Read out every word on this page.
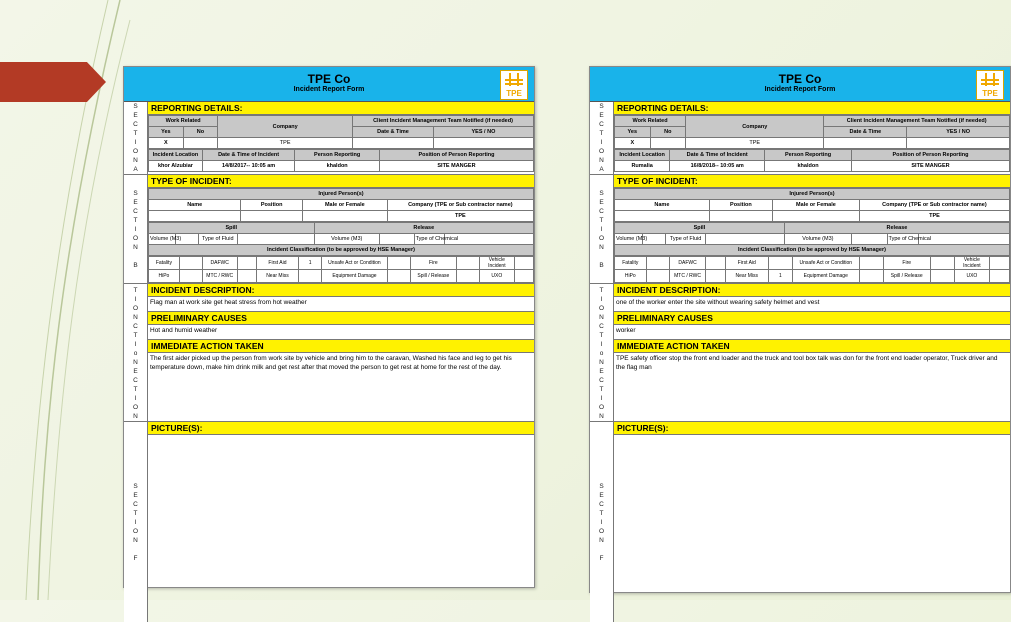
TPE Co
Incident Report Form	TPE
S
E
C
T
I
O
N
A
REPORTING DETAILS:
Work Related		Company	Client Incident Management Team Notified (if needed)	
Yes	No		Date & Time	YES / NO
X		TPE		
Incident Location	Date & Time of Incident	Person Reporting	Position of Person Reporting
khor Alzubiar	14/8/2017-- 10:05 am	khaldon	SITE MANGER
S
E
C
T
I
O
N
B
TYPE OF INCIDENT:
Injured Person(s)			
Name	Position	Male or Female	Company (TPE or Sub contractor name)
			TPE
Spill				Release			
Volume (M3)		Type of Fluid		Volume (M3)		Type of Chemical	
Incident Classification (to be approved by HSE Manager)							
Fatality		DAFWC		First Aid	1	Unsafe Act or Condition		Fire		Vehicle Incident	
HiPo		MTC / RWC		Near Miss		Equipment Damage		Spill / Release		UXO	
T
I
O
N
C
T
I
o
N
E
C
T
I
O
N
INCIDENT DESCRIPTION:
Flag man at work site get heat stress from hot weather
PRELIMINARY CAUSES
Hot and humid weather
IMMEDIATE ACTION TAKEN
The first aider picked up the person from work site by vehicle and bring him to the caravan, Washed his face and leg to get his temperature down, make him drink milk and get rest after that moved the person to get rest at home for the rest of the day.
S
E
C
T
I
O
N
F
PICTURE(S):
TPE Co
Incident Report Form	TPE
S
E
C
T
I
O
N
A
REPORTING DETAILS:
Work Related		Company	Client Incident Management Team Notified (if needed)	
Yes	No		Date & Time	YES / NO
X		TPE		
Incident Location	Date & Time of Incident	Person Reporting	Position of Person Reporting
Rumalia	16/8/2018-- 10:05 am	khaldon	SITE MANGER
S
E
C
T
I
O
N
B
TYPE OF INCIDENT:
Injured Person(s)			
Name	Position	Male or Female	Company (TPE or Sub contractor name)
			TPE
Spill				Release			
Volume (M3)		Type of Fluid		Volume (M3)		Type of Chemical	
Incident Classification (to be approved by HSE Manager)							
Fatality		DAFWC		First Aid		Unsafe Act or Condition		Fire		Vehicle Incident	
HiPo		MTC / RWC		Near Miss	1	Equipment Damage		Spill / Release		UXO	
T
I
O
N
C
T
I
o
N
E
C
T
I
O
N
INCIDENT DESCRIPTION:
one of the worker enter the site without wearing safety helmet and vest
PRELIMINARY CAUSES
worker
IMMEDIATE ACTION TAKEN
TPE safety officer stop the front end loader and the truck and tool box talk was don for the front end loader operator, Truck driver and the flag man
S
E
C
T
I
O
N
F
PICTURE(S):
